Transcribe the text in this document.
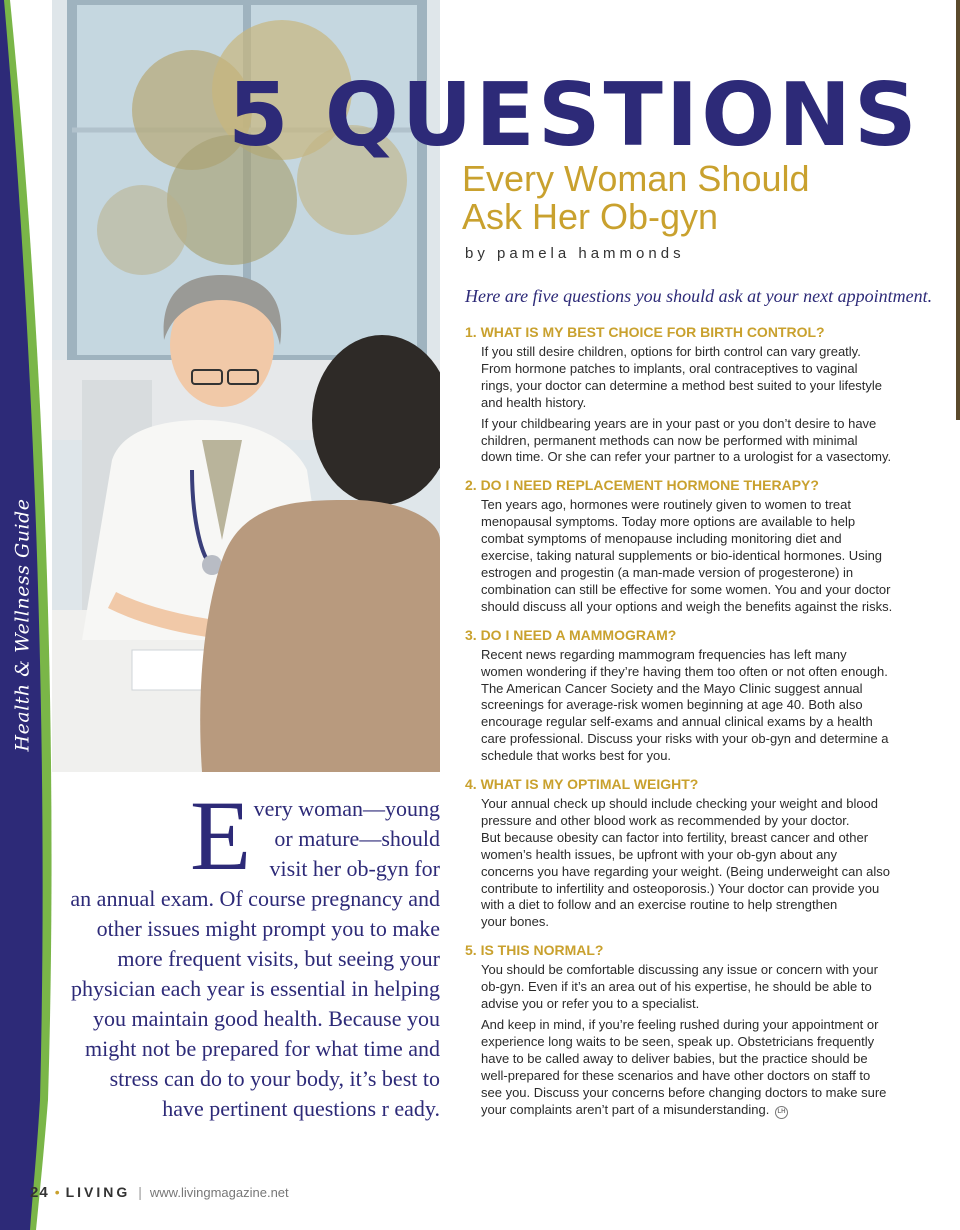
Health & Wellness Guide
5 QUESTIONS
Every Woman Should
Ask Her Ob-gyn
by pamela hammonds
Here are five questions you should ask at your next appointment.

1. WHAT IS MY BEST CHOICE FOR BIRTH CONTROL?

If you still desire children, options for birth control can vary greatly.
From hormone patches to implants, oral contraceptives to vaginal
rings, your doctor can determine a method best suited to your lifestyle
and health history.

If your childbearing years are in your past or you don’t desire to have
children, permanent methods can now be performed with minimal
down time. Or she can refer your partner to a urologist for a vasectomy.

2. DO I NEED REPLACEMENT HORMONE THERAPY?

Ten years ago, hormones were routinely given to women to treat
menopausal symptoms. Today more options are available to help
combat symptoms of menopause including monitoring diet and
exercise, taking natural supplements or bio-identical hormones. Using
estrogen and progestin (a man-made version of progesterone) in
combination can still be effective for some women. You and your doctor
should discuss all your options and weigh the benefits against the risks.

3. DO I NEED A MAMMOGRAM?

Recent news regarding mammogram frequencies has left many
women wondering if they’re having them too often or not often enough.
The American Cancer Society and the Mayo Clinic suggest annual
screenings for average-risk women beginning at age 40. Both also
encourage regular self-exams and annual clinical exams by a health
care professional. Discuss your risks with your ob-gyn and determine a
schedule that works best for you.

4. WHAT IS MY OPTIMAL WEIGHT?

Your annual check up should include checking your weight and blood
pressure and other blood work as recommended by your doctor.
But because obesity can factor into fertility, breast cancer and other
women’s health issues, be upfront with your ob-gyn about any
concerns you have regarding your weight. (Being underweight can also
contribute to infertility and osteoporosis.) Your doctor can provide you
with a diet to follow and an exercise routine to help strengthen
your bones.

5. IS THIS NORMAL?

You should be comfortable discussing any issue or concern with your
ob-gyn. Even if it’s an area out of his expertise, he should be able to
advise you or refer you to a specialist.

And keep in mind, if you’re feeling rushed during your appointment or
experience long waits to be seen, speak up. Obstetricians frequently
have to be called away to deliver babies, but the practice should be
well-prepared for these scenarios and have other doctors on staff to
see you. Discuss your concerns before changing doctors to make sure
your complaints aren’t part of a misunderstanding. LH

E very woman—young
or mature—should
visit her ob-gyn for
an annual exam. Of course pregnancy and
other issues might prompt you to make
more frequent visits, but seeing your
physician each year is essential in helping
you maintain good health. Because you
might not be prepared for what time and
stress can do to your body, it’s best to
have pertinent questions r eady.
24 • LIVING | www.livingmagazine.net
